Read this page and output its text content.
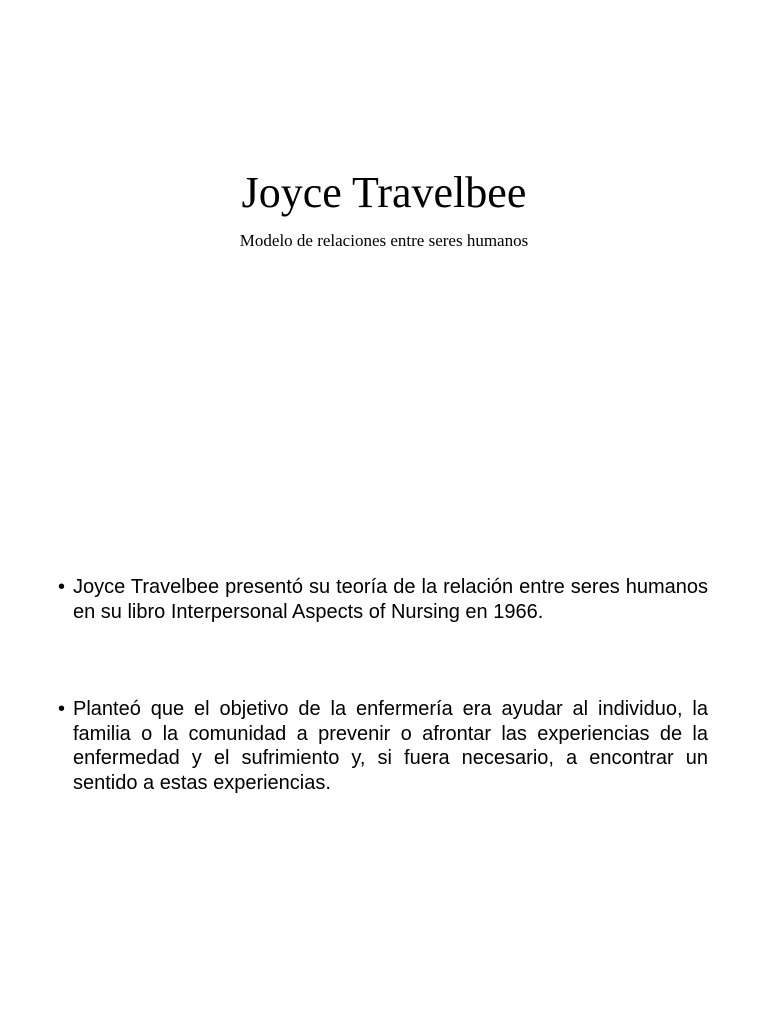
Joyce Travelbee

Modelo de relaciones entre seres humanos

• Joyce Travelbee presentó su teoría de la relación entre seres humanos en su libro Interpersonal Aspects of Nursing en 1966.
• Planteó que el objetivo de la enfermería era ayudar al individuo, la familia o la comunidad a prevenir o afrontar las experiencias de la enfermedad y el sufrimiento y, si fuera necesario, a encontrar un sentido a estas experiencias.
